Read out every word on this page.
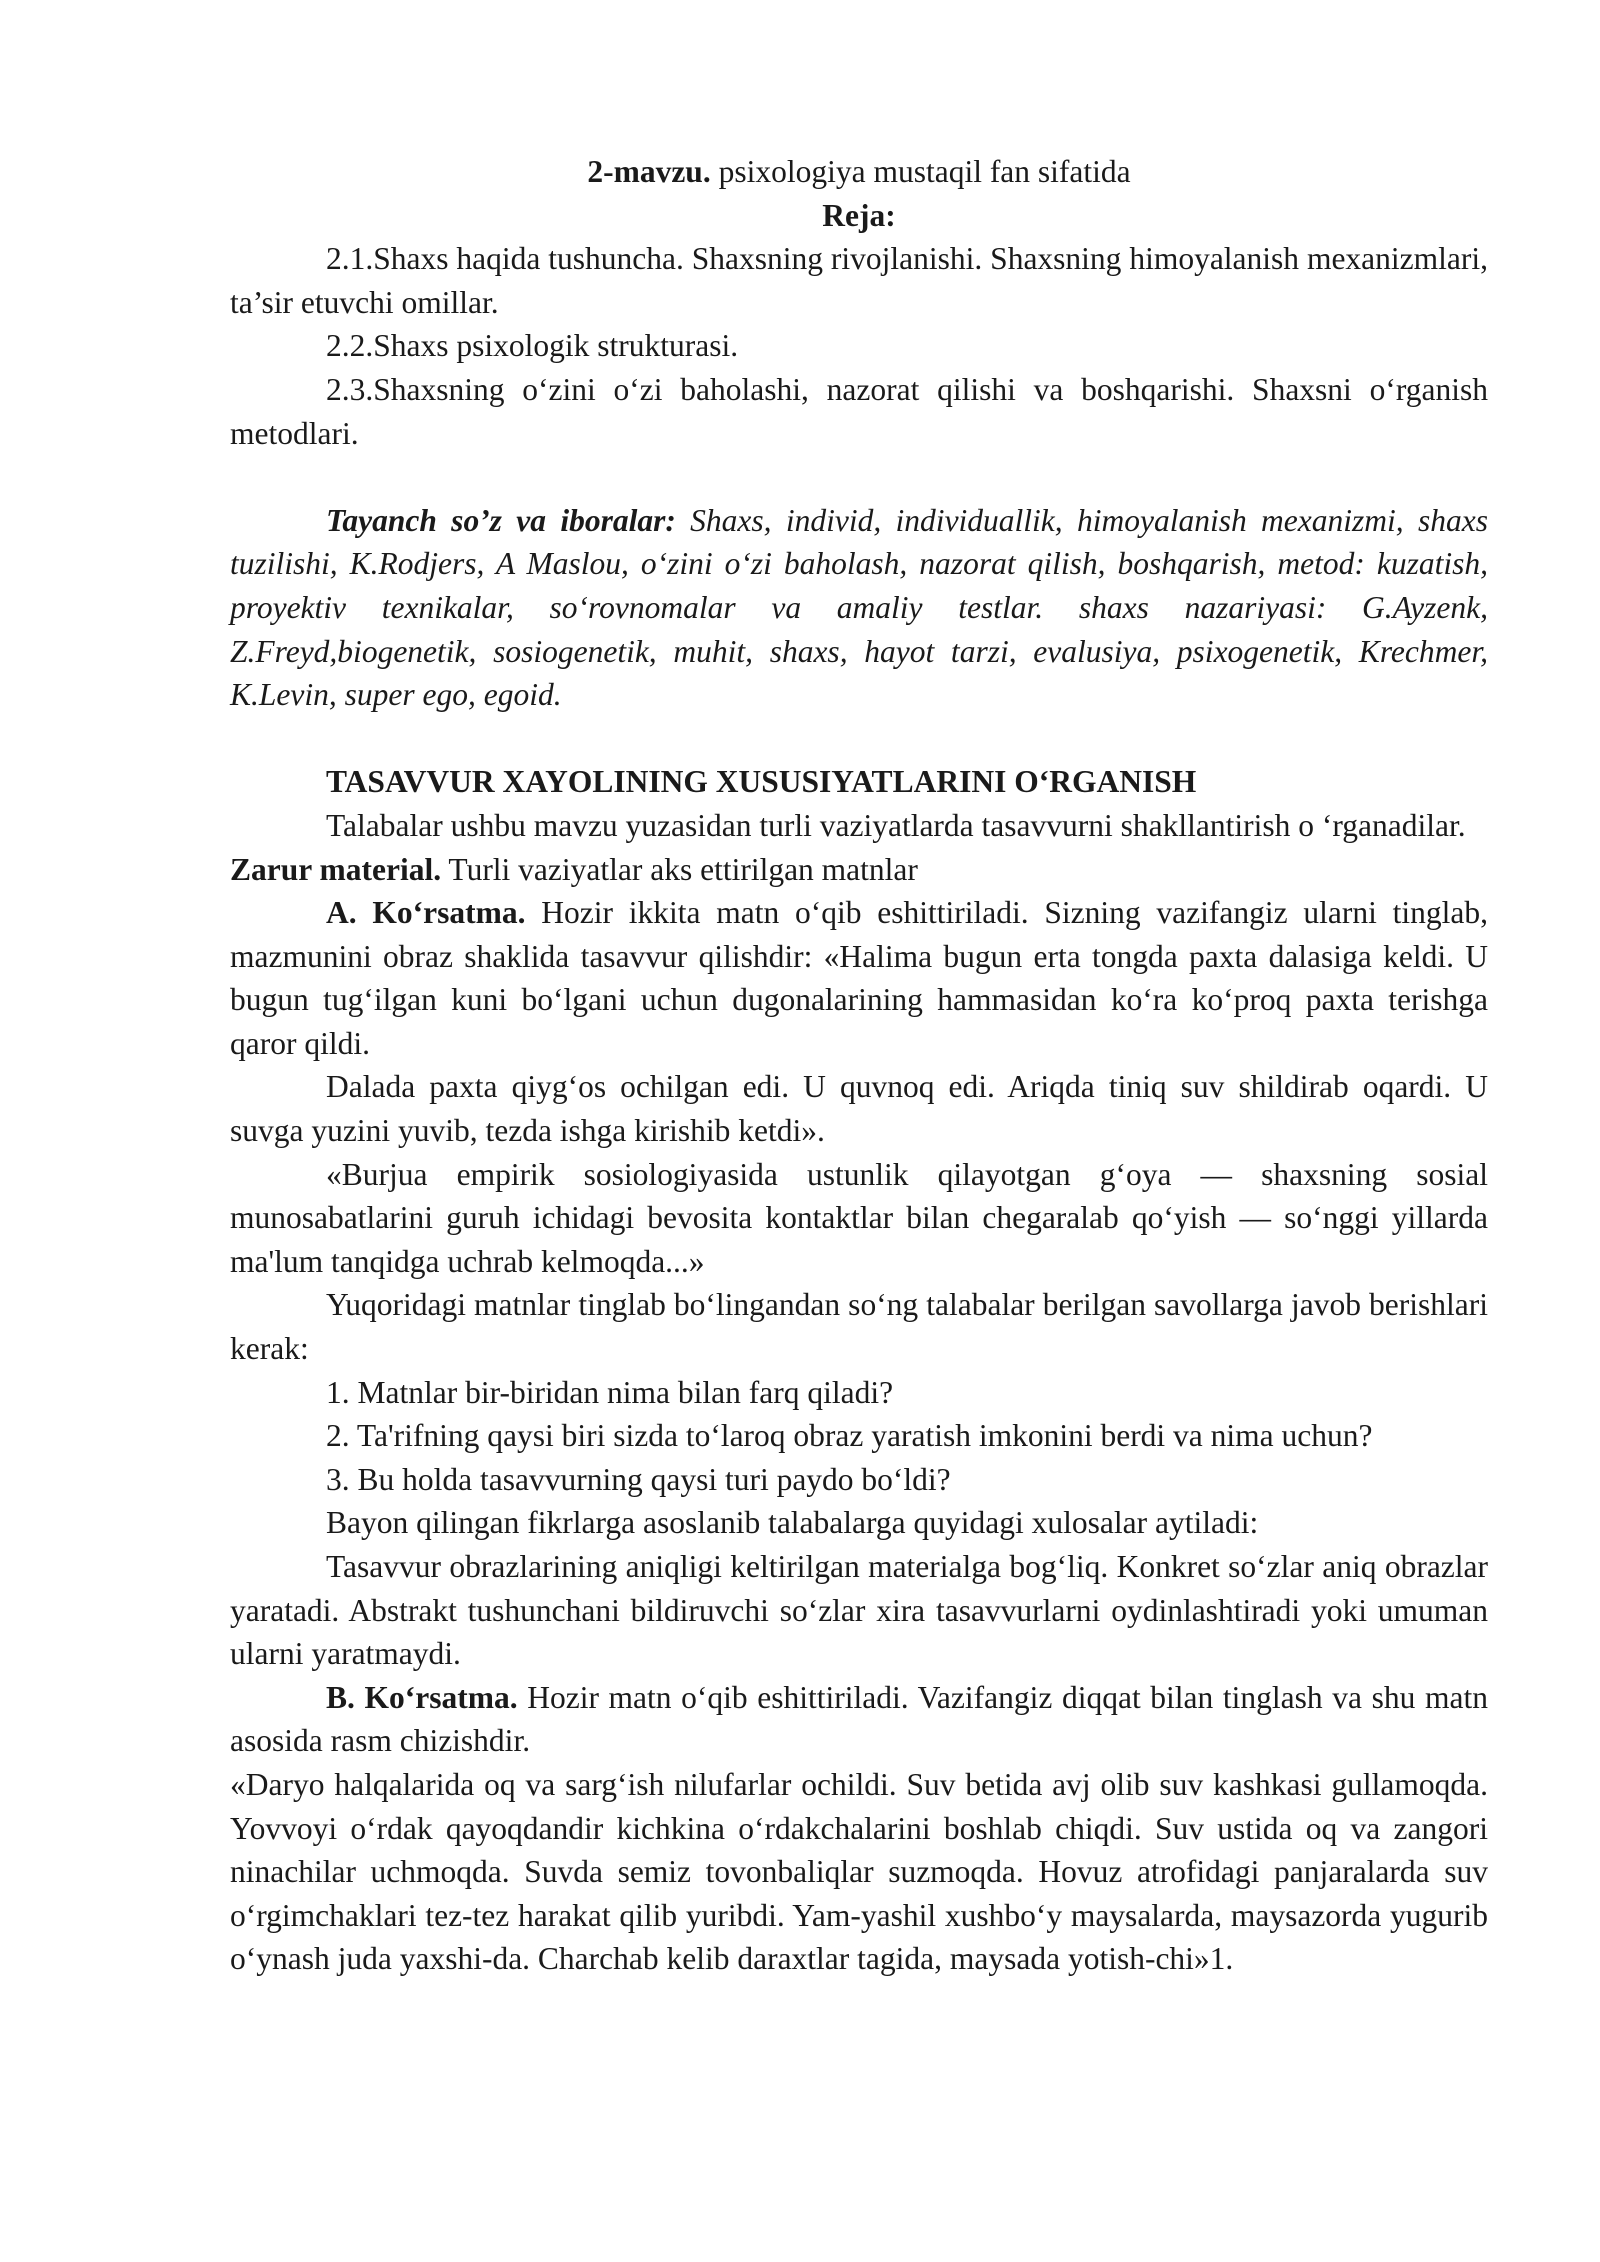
2-mavzu. psixologiya mustaqil fan sifatida
Reja:

2.1.Shaxs haqida tushuncha. Shaxsning rivojlanishi. Shaxsning himoyalanish mexanizmlari, ta’sir etuvchi omillar.

2.2.Shaxs psixologik strukturasi.

2.3.Shaxsning o‘zini o‘zi baholashi, nazorat qilishi va boshqarishi. Shaxsni o‘rganish metodlari.

Tayanch so’z va iboralar: Shaxs, individ, individuallik, himoyalanish mexanizmi, shaxs tuzilishi, K.Rodjers, A Maslou, o‘zini o‘zi baholash, nazorat qilish, boshqarish, metod: kuzatish, proyektiv texnikalar, so‘rovnomalar va amaliy testlar. shaxs nazariyasi: G.Ayzenk, Z.Freyd,biogenetik, sosiogenetik, muhit, shaxs, hayot tarzi, evalusiya, psixogenetik, Krechmer, K.Levin, super ego, egoid.

TASAVVUR XAYOLINING XUSUSIYATLARINI O‘RGANISH

Talabalar ushbu mavzu yuzasidan turli vaziyatlarda tasavvurni shakllantirish o ‘rganadilar.

Zarur material. Turli vaziyatlar aks ettirilgan matnlar

A. Ko‘rsatma. Hozir ikkita matn o‘qib eshittiriladi. Sizning vazifangiz ularni tinglab, mazmunini obraz shaklida tasavvur qilishdir: «Halima bugun erta tongda paxta dalasiga keldi. U bugun tug‘ilgan kuni bo‘lgani uchun dugonalarining hammasidan ko‘ra ko‘proq paxta terishga qaror qildi.

Dalada paxta qiyg‘os ochilgan edi. U quvnoq edi. Ariqda tiniq suv shildirab oqardi. U suvga yuzini yuvib, tezda ishga kirishib ketdi».

«Burjua empirik sosiologiyasida ustunlik qilayotgan g‘oya — shaxsning sosial munosabatlarini guruh ichidagi bevosita kontaktlar bilan chegaralab qo‘yish — so‘nggi yillarda ma'lum tanqidga uchrab kelmoqda...»

Yuqoridagi matnlar tinglab bo‘lingandan so‘ng talabalar berilgan savollarga javob berishlari kerak:

1. Matnlar bir-biridan nima bilan farq qiladi?

2. Ta'rifning qaysi biri sizda to‘laroq obraz yaratish imkonini berdi va nima uchun?

3. Bu holda tasavvurning qaysi turi paydo bo‘ldi?

Bayon qilingan fikrlarga asoslanib talabalarga quyidagi xulosalar aytiladi:

Tasavvur obrazlarining aniqligi keltirilgan materialga bog‘liq. Konkret so‘zlar aniq obrazlar yaratadi. Abstrakt tushunchani bildiruvchi so‘zlar xira tasavvurlarni oydinlashtiradi yoki umuman ularni yaratmaydi.

B. Ko‘rsatma. Hozir matn o‘qib eshittiriladi. Vazifangiz diqqat bilan tinglash va shu matn asosida rasm chizishdir.

«Daryo halqalarida oq va sarg‘ish nilufarlar ochildi. Suv betida avj olib suv kashkasi gullamoqda. Yovvoyi o‘rdak qayoqdandir kichkina o‘rdakchalarini boshlab chiqdi. Suv ustida oq va zangori ninachilar uchmoqda. Suvda semiz tovonbaliqlar suzmoqda. Hovuz atrofidagi panjaralarda suv o‘rgimchaklari tez-tez harakat qilib yuribdi. Yam-yashil xushbo‘y maysalarda, maysazorda yugurib o‘ynash juda yaxshi-da. Charchab kelib daraxtlar tagida, maysada yotish-chi»1.
